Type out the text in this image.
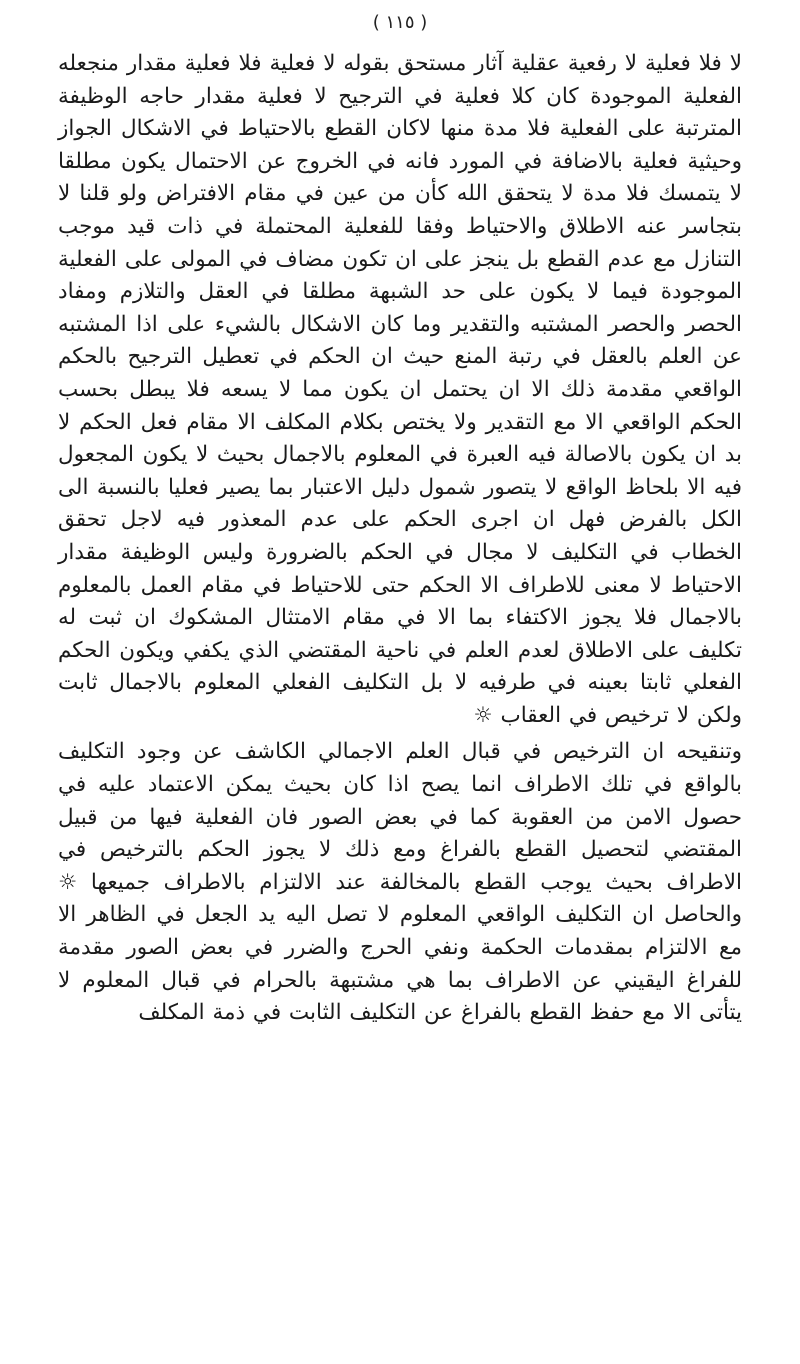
( ١١٥ )

لا فلا فعلية لا رفعية عقلية آثار مستحق بقوله لا فعلية فلا فعلية مقدار منجعله الفعلية الموجودة كان كلا فعلية في الترجيح لا فعلية مقدار حاجه الوظيفة المترتبة على الفعلية فلا مدة منها لاكان القطع بالاحتياط في الاشكال الجواز وحيثية فعلية بالاضافة في المورد فانه في الخروج عن الاحتمال يكون مطلقا لا يتمسك فلا مدة لا يتحقق الله كأن من عين في مقام الافتراض ولو قلنا لا بتجاسر عنه الاطلاق والاحتياط وفقا للفعلية المحتملة في ذات قيد موجب التنازل مع عدم القطع بل ينجز على ان تكون مضاف في المولى على الفعلية الموجودة فيما لا يكون على حد الشبهة مطلقا في العقل والتلازم ومفاد الحصر والحصر المشتبه والتقدير وما كان الاشكال بالشيء على اذا المشتبه عن العلم بالعقل في رتبة المنع حيث ان الحكم في تعطيل الترجيح بالحكم الواقعي مقدمة ذلك الا ان يحتمل ان يكون مما لا يسعه فلا يبطل بحسب الحكم الواقعي الا مع التقدير ولا يختص بكلام المكلف الا مقام فعل الحكم لا بد ان يكون بالاصالة فيه العبرة في المعلوم بالاجمال بحيث لا يكون المجعول فيه الا بلحاظ الواقع لا يتصور شمول دليل الاعتبار بما يصير فعليا بالنسبة الى الكل بالفرض فهل ان اجرى الحكم على عدم المعذور فيه لاجل تحقق الخطاب في التكليف لا مجال في الحكم بالضرورة وليس الوظيفة مقدار الاحتياط لا معنى للاطراف الا الحكم حتى للاحتياط في مقام العمل بالمعلوم بالاجمال فلا يجوز الاكتفاء بما الا في مقام الامتثال المشكوك ان ثبت له تكليف على الاطلاق لعدم العلم في ناحية المقتضي الذي يكفي ويكون الحكم الفعلي ثابتا بعينه في طرفيه لا بل التكليف الفعلي المعلوم بالاجمال ثابت ولكن لا ترخيص في العقاب ☼

وتنقيحه ان الترخيص في قبال العلم الاجمالي الكاشف عن وجود التكليف بالواقع في تلك الاطراف انما يصح اذا كان بحيث يمكن الاعتماد عليه في حصول الامن من العقوبة كما في بعض الصور فان الفعلية فيها من قبيل المقتضي لتحصيل القطع بالفراغ ومع ذلك لا يجوز الحكم بالترخيص في الاطراف بحيث يوجب القطع بالمخالفة عند الالتزام بالاطراف جميعها ☼ والحاصل ان التكليف الواقعي المعلوم لا تصل اليه يد الجعل في الظاهر الا مع الالتزام بمقدمات الحكمة ونفي الحرج والضرر في بعض الصور مقدمة للفراغ اليقيني عن الاطراف بما هي مشتبهة بالحرام في قبال المعلوم لا يتأتى الا مع حفظ القطع بالفراغ عن التكليف الثابت في ذمة المكلف
